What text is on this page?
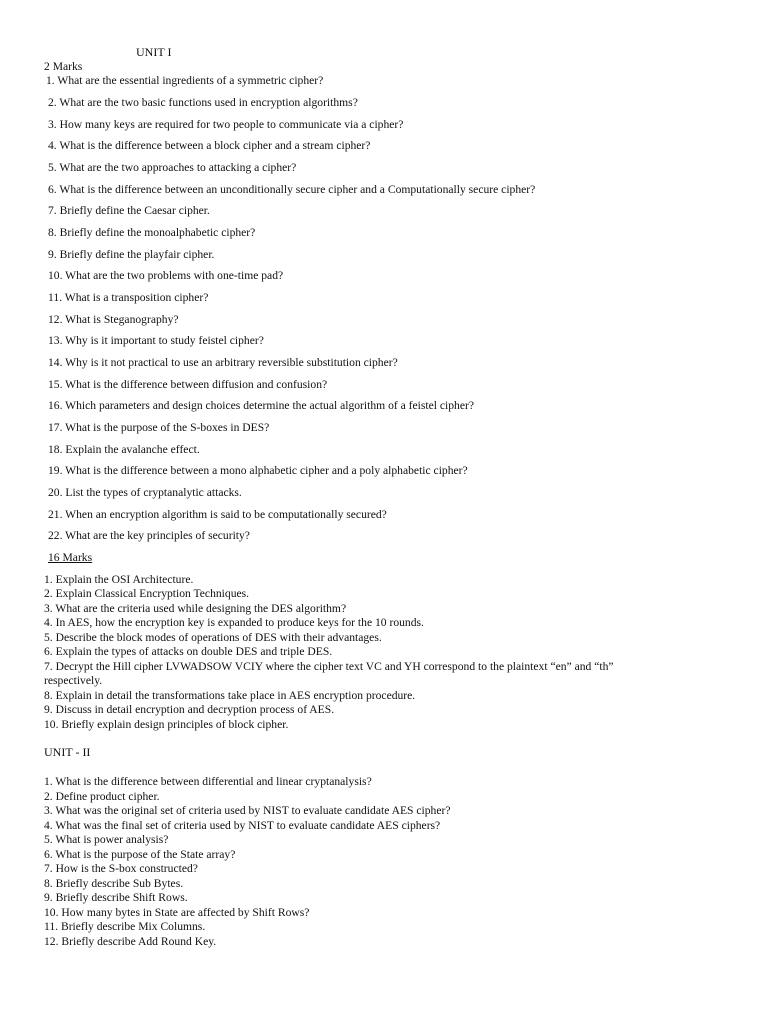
UNIT I
2 Marks
1. What are the essential ingredients of a symmetric cipher?
2. What are the two basic functions used in encryption algorithms?
3. How many keys are required for two people to communicate via a cipher?
4. What is the difference between a block cipher and a stream cipher?
5. What are the two approaches to attacking a cipher?
6. What is the difference between an unconditionally secure cipher and a Computationally secure cipher?
7. Briefly define the Caesar cipher.
8. Briefly define the monoalphabetic cipher?
9. Briefly define the playfair cipher.
10. What are the two problems with one-time pad?
11. What is a transposition cipher?
12. What is Steganography?
13. Why is it important to study feistel cipher?
14. Why is it not practical to use an arbitrary reversible substitution cipher?
15. What is the difference between diffusion and confusion?
16. Which parameters and design choices determine the actual algorithm of a feistel cipher?
17. What is the purpose of the S-boxes in DES?
18. Explain the avalanche effect.
19. What is the difference between a mono alphabetic cipher and a poly alphabetic cipher?
20. List the types of cryptanalytic attacks.
21. When an encryption algorithm is said to be computationally secured?
22. What are the key principles of security?
16 Marks
1. Explain the OSI Architecture.
2. Explain Classical Encryption Techniques.
3. What are the criteria used while designing the DES algorithm?
4. In AES, how the encryption key is expanded to produce keys for the 10 rounds.
5. Describe the block modes of operations of DES with their advantages.
6. Explain the types of attacks on double DES and triple DES.
7. Decrypt the Hill cipher LVWADSOW VCIY where the cipher text VC and YH correspond to the plaintext “en” and “th”
respectively.
8. Explain in detail the transformations take place in AES encryption procedure.
9. Discuss in detail encryption and decryption process of AES.
10. Briefly explain design principles of block cipher.
UNIT - II
1. What is the difference between differential and linear cryptanalysis?
2. Define product cipher.
3. What was the original set of criteria used by NIST to evaluate candidate AES cipher?
4. What was the final set of criteria used by NIST to evaluate candidate AES ciphers?
5. What is power analysis?
6. What is the purpose of the State array?
7. How is the S-box constructed?
8. Briefly describe Sub Bytes.
9. Briefly describe Shift Rows.
10. How many bytes in State are affected by Shift Rows?
11. Briefly describe Mix Columns.
12. Briefly describe Add Round Key.
